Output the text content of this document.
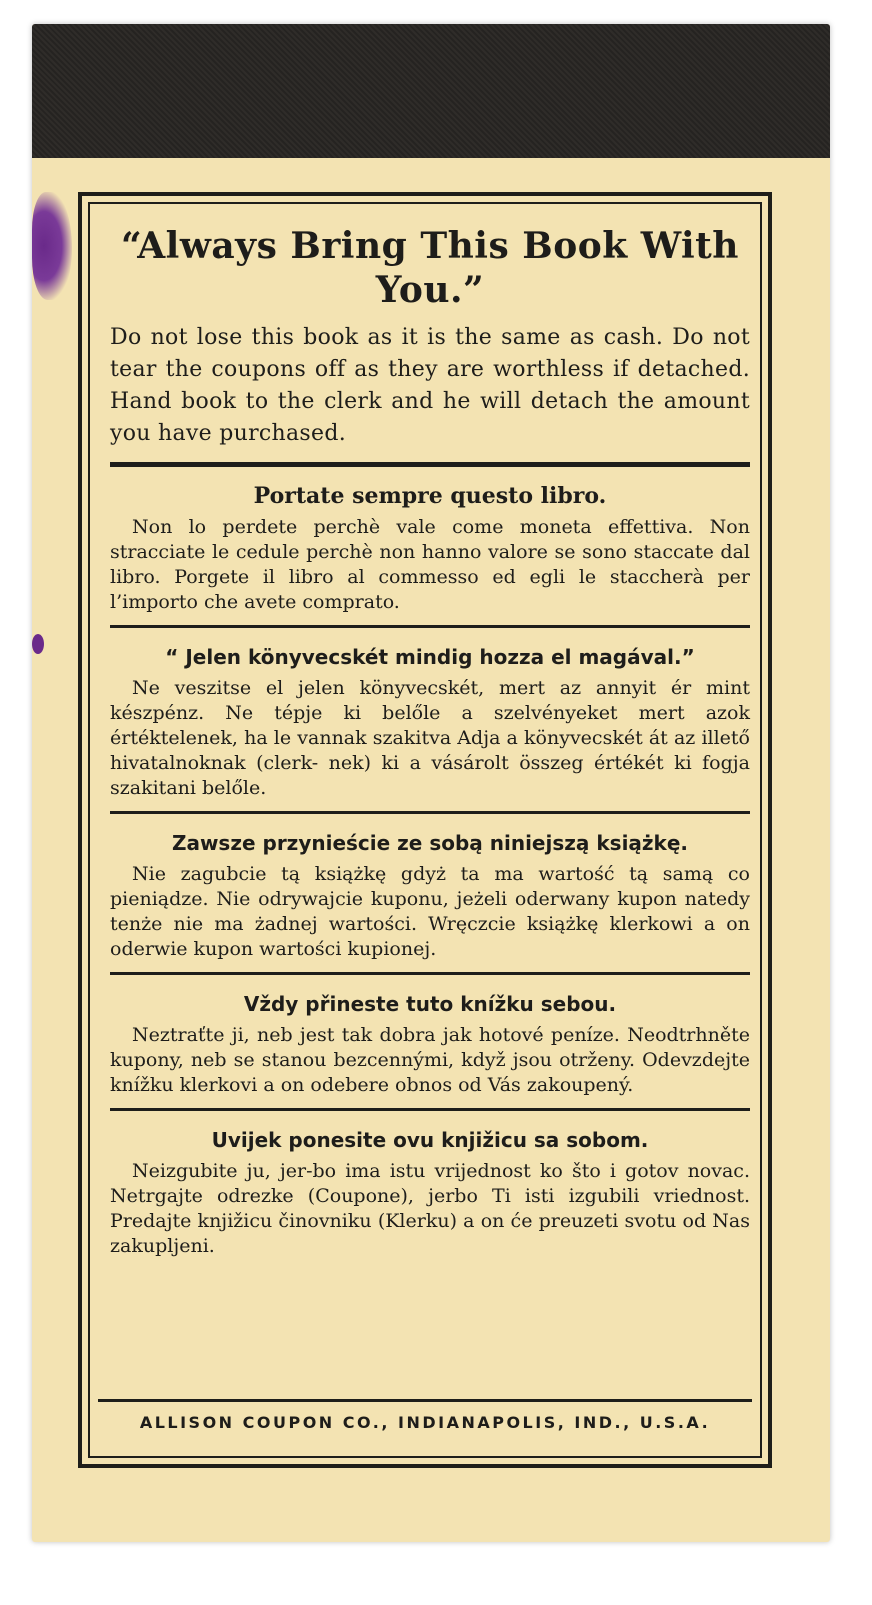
“Always Bring This Book With You.”

Do not lose this book as it is the same as cash. Do not tear the coupons off as they are worthless if detached. Hand book to the clerk and he will detach the amount you have purchased.

Portate sempre questo libro.

Non lo perdete perchè vale come moneta effettiva. Non stracciate le cedule perchè non hanno valore se sono staccate dal libro. Porgete il libro al commesso ed egli le staccherà per l’importo che avete comprato.

“ Jelen könyvecskét mindig hozza el magával.”

Ne veszitse el jelen könyvecskét, mert az annyit ér mint készpénz. Ne tépje ki belőle a szelvényeket mert azok értéktelenek, ha le vannak szakitva Adja a könyvecskét át az illető hivatalnoknak (clerk- nek) ki a vásárolt összeg értékét ki fogja szakitani belőle.

Zawsze przynieście ze sobą niniejszą książkę.

Nie zagubcie tą książkę gdyż ta ma wartość tą samą co pieniądze. Nie odrywajcie kuponu, jeżeli oderwany kupon natedy tenże nie ma żadnej wartości. Wręczcie książkę klerkowi a on oderwie kupon wartości kupionej.

Vždy přineste tuto knížku sebou.

Neztraťte ji, neb jest tak dobra jak hotové peníze. Neodtrhněte kupony, neb se stanou bezcennými, když jsou otrženy. Odevzdejte knížku klerkovi a on odebere obnos od Vás zakoupený.

Uvijek ponesite ovu knjižicu sa sobom.

Neizgubite ju, jer-bo ima istu vrijednost ko što i gotov novac. Netrgajte odrezke (Coupone), jerbo Ti isti izgubili vriednost. Predajte knjižicu činovniku (Klerku) a on će preuzeti svotu od Nas zakupljeni.

ALLISON COUPON CO., INDIANAPOLIS, IND., U.S.A.
